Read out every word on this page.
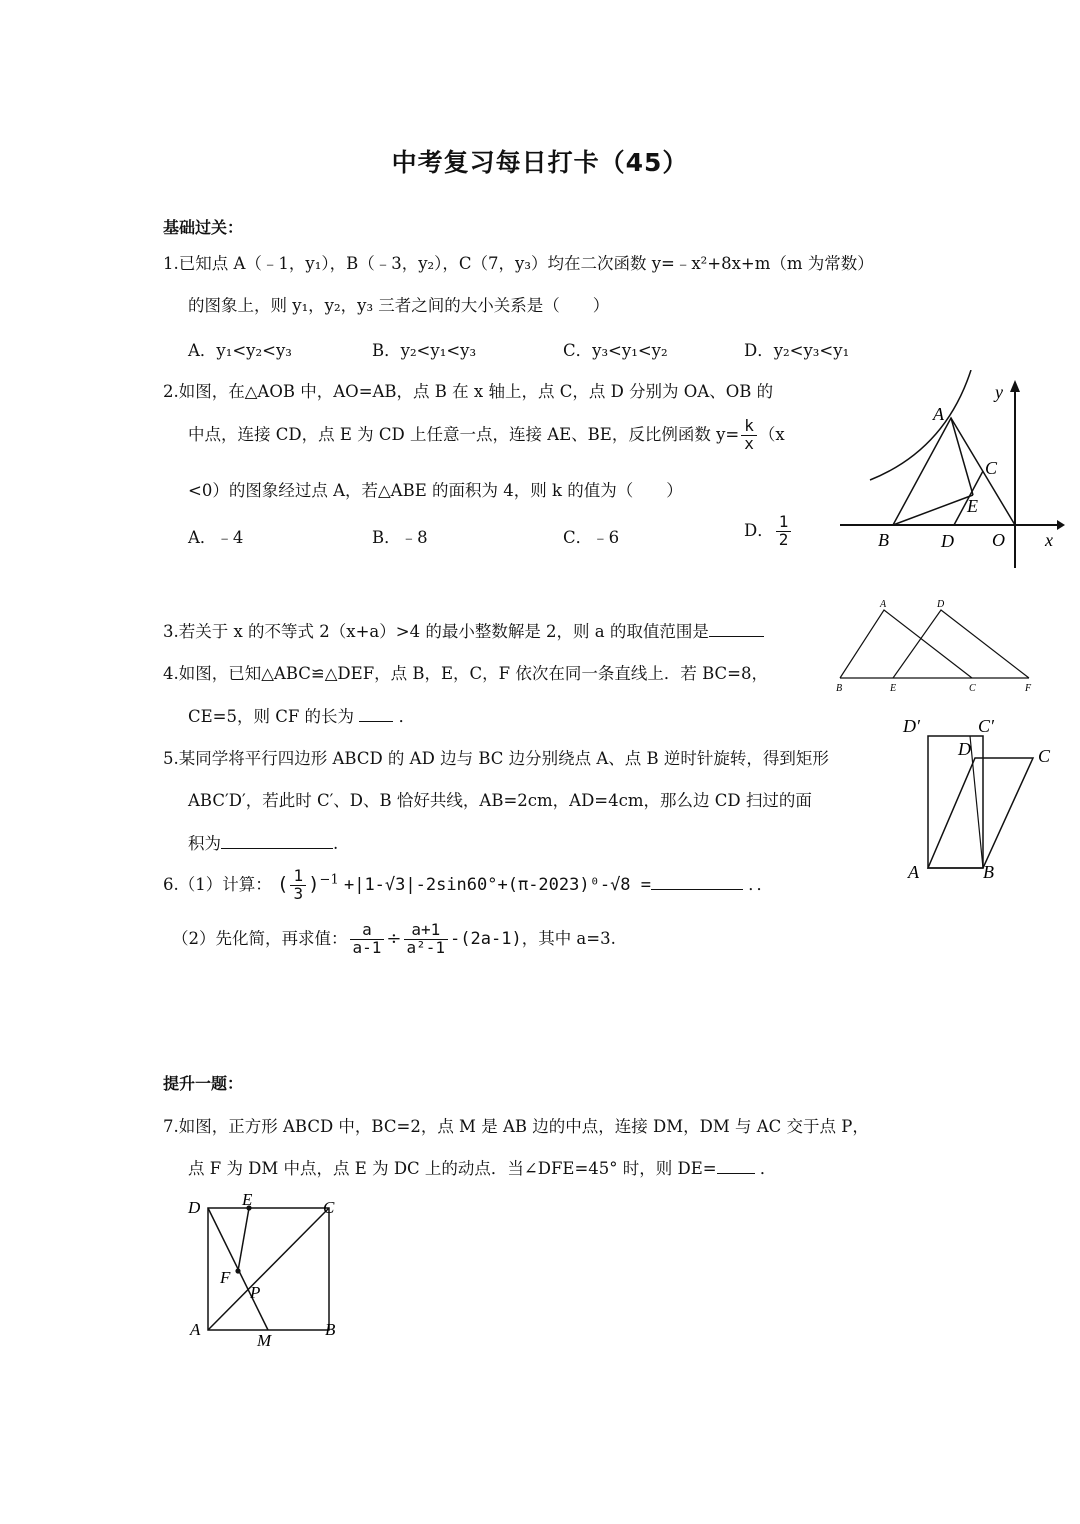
中考复习每日打卡（45）
基础过关：
1.已知点 A（﹣1，y₁），B（﹣3，y₂），C（7，y₃）均在二次函数 y=﹣x²+8x+m（m 为常数）
的图象上，则 y₁，y₂，y₃ 三者之间的大小关系是（　　）
A．y₁<y₂<y₃	B．y₂<y₁<y₃	C．y₃<y₁<y₂	D．y₂<y₃<y₁
2.如图，在△AOB 中，AO=AB，点 B 在 x 轴上，点 C，点 D 分别为 OA、OB 的
中点，连接 CD，点 E 为 CD 上任意一点，连接 AE、BE，反比例函数 $y= \frac{k}{x} (x$
<0）的图象经过点 A，若△ABE 的面积为 4，则 k 的值为（　　）
A．﹣4	B．﹣8	C．﹣6	D． $\frac{1}{2}$
A
C
E
B	D O x
y
3.若关于 x 的不等式 2（x+a）>4 的最小整数解是 2，则 a 的取值范围是
4.如图，已知△ABC≌△DEF，点 B，E，C，F 依次在同一条直线上．若 BC=8，
CE=5，则 CF 的长为	．
A	D
B	E	C	F
5.某同学将平行四边形 ABCD 的 AD 边与 BC 边分别绕点 A、点 B 逆时针旋转，得到矩形
ABC′D′，若此时 C′、D、B 恰好共线，AB=2cm，AD=4cm，那么边 CD 扫过的面
积为	.
D′	C′
D	C
A	B
6.（1）计算： ( $\frac{1}{3} )^{-1} +|1-√3|-2\sin 60^\circ+(\pi-2023)^0-√8$ =	．．
（2）先化简，再求值： $\frac{a}{a-1} \div \frac{a+1}{\text{a²-1}} -(2a-1)$，其中 a=3.
提升一题：
7.如图，正方形 ABCD 中，BC=2，点 M 是 AB 边的中点，连接 DM，DM 与 AC 交于点 P，
点 F 为 DM 中点，点 E 为 DC 上的动点．当∠DFE=45° 时，则 DE=	．
D E	C
F
P
A
M
B
